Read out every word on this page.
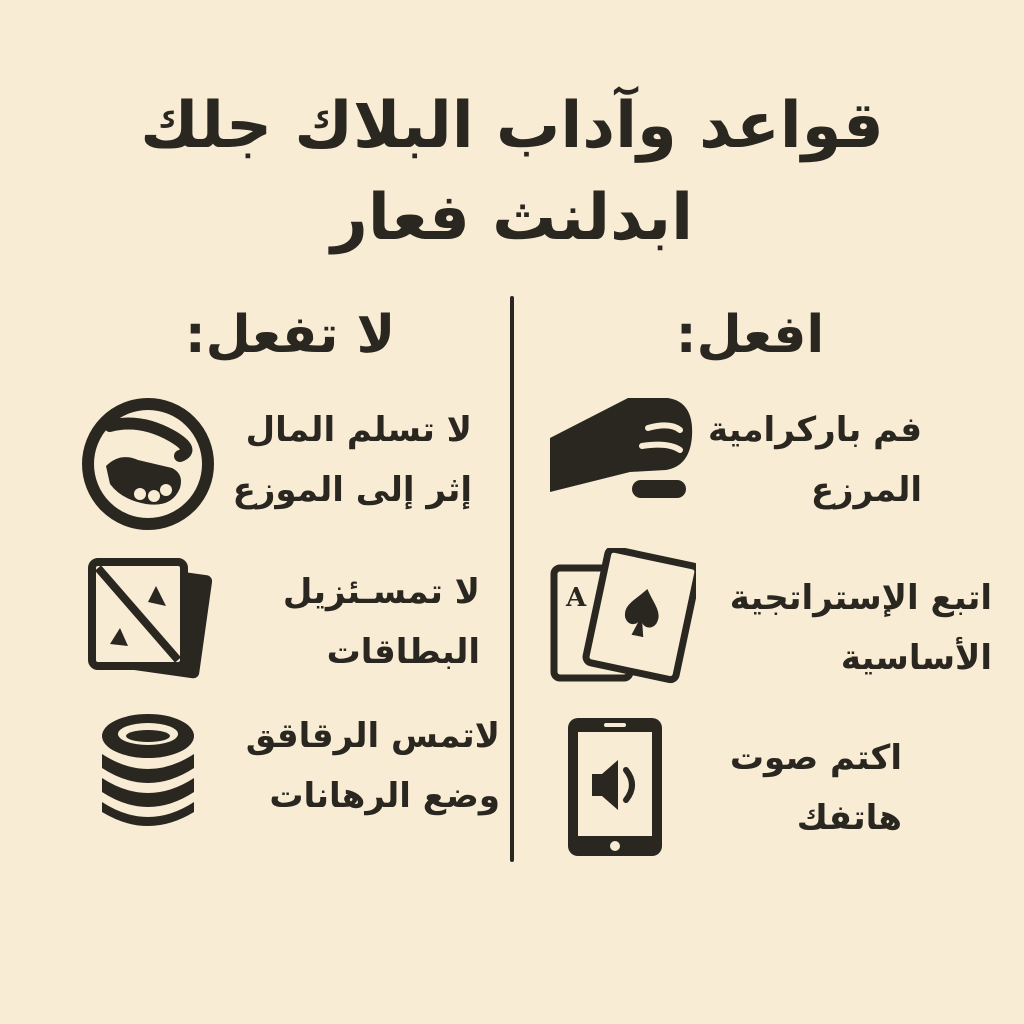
قواعد وآداب البلاك جلك
ابدلنث فعار
افعل:
لا تفعل:
فم باركرامية
المرزع
A	اتبع الإستراتجية
الأساسية
اكتم صوت
هاتفك
لا تسلم المال
إثر إلى الموزع
لا تمسـئزيل
البطاقات
لاتمس الرقاقق
وضع الرهانات
